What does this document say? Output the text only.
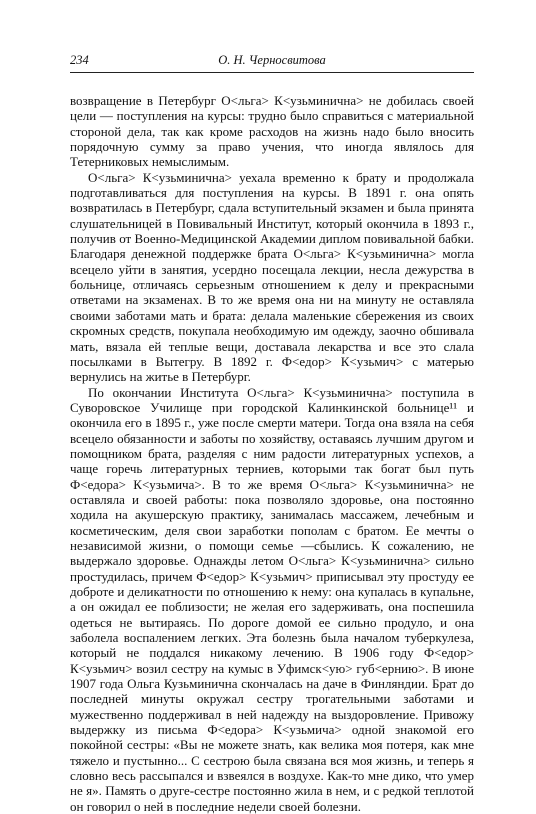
234	О. Н. Черносвитова

возвращение в Петербург О<льга> К<узьминична> не добилась своей цели — поступления на курсы: трудно было справиться с материальной стороной дела, так как кроме расходов на жизнь надо было вносить порядочную сумму за право учения, что иногда являлось для Тетерниковых немыслимым.

О<льга> К<узьминична> уехала временно к брату и продолжала подготавливаться для поступления на курсы. В 1891 г. она опять возвратилась в Петербург, сдала вступительный экзамен и была принята слушательницей в Повивальный Институт, который окончила в 1893 г., получив от Военно-Медицинской Академии диплом повивальной бабки. Благодаря денежной поддержке брата О<льга> К<узьминична> могла всецело уйти в занятия, усердно посещала лекции, несла дежурства в больнице, отличаясь серьезным отношением к делу и прекрасными ответами на экзаменах. В то же время она ни на минуту не оставляла своими заботами мать и брата: делала маленькие сбережения из своих скромных средств, покупала необходимую им одежду, заочно обшивала мать, вязала ей теплые вещи, доставала лекарства и все это слала посылками в Вытегру. В 1892 г. Ф<едор> К<узьмич> с матерью вернулись на житье в Петербург.

По окончании Института О<льга> К<узьминична> поступила в Суворовское Училище при городской Калинкинской больнице¹¹ и окончила его в 1895 г., уже после смерти матери. Тогда она взяла на себя всецело обязанности и заботы по хозяйству, оставаясь лучшим другом и помощником брата, разделяя с ним радости литературных успехов, а чаще горечь литературных терниев, которыми так богат был путь Ф<едора> К<узьмича>. В то же время О<льга> К<узьминична> не оставляла и своей работы: пока позволяло здоровье, она постоянно ходила на акушерскую практику, занималась массажем, лечебным и косметическим, деля свои заработки пополам с братом. Ее мечты о независимой жизни, о помощи семье —сбылись. К сожалению, не выдержало здоровье. Однажды летом О<льга> К<узьминична> сильно простудилась, причем Ф<едор> К<узьмич> приписывал эту простуду ее доброте и деликатности по отношению к нему: она купалась в купальне, а он ожидал ее поблизости; не желая его задерживать, она поспешила одеться не вытираясь. По дороге домой ее сильно продуло, и она заболела воспалением легких. Эта болезнь была началом туберкулеза, который не поддался никакому лечению. В 1906 году Ф<едор> К<узьмич> возил сестру на кумыс в Уфимск<ую> губ<ернию>. В июне 1907 года Ольга Кузьминична скончалась на даче в Финляндии. Брат до последней минуты окружал сестру трогательными заботами и мужественно поддерживал в ней надежду на выздоровление. Привожу выдержку из письма Ф<едора> К<узьмича> одной знакомой его покойной сестры: «Вы не можете знать, как велика моя потеря, как мне тяжело и пустынно... С сестрою была связана вся моя жизнь, и теперь я словно весь рассыпался и взвеялся в воздухе. Как-то мне дико, что умер не я». Память о друге-сестре постоянно жила в нем, и с редкой теплотой он говорил о ней в последние недели своей болезни.
